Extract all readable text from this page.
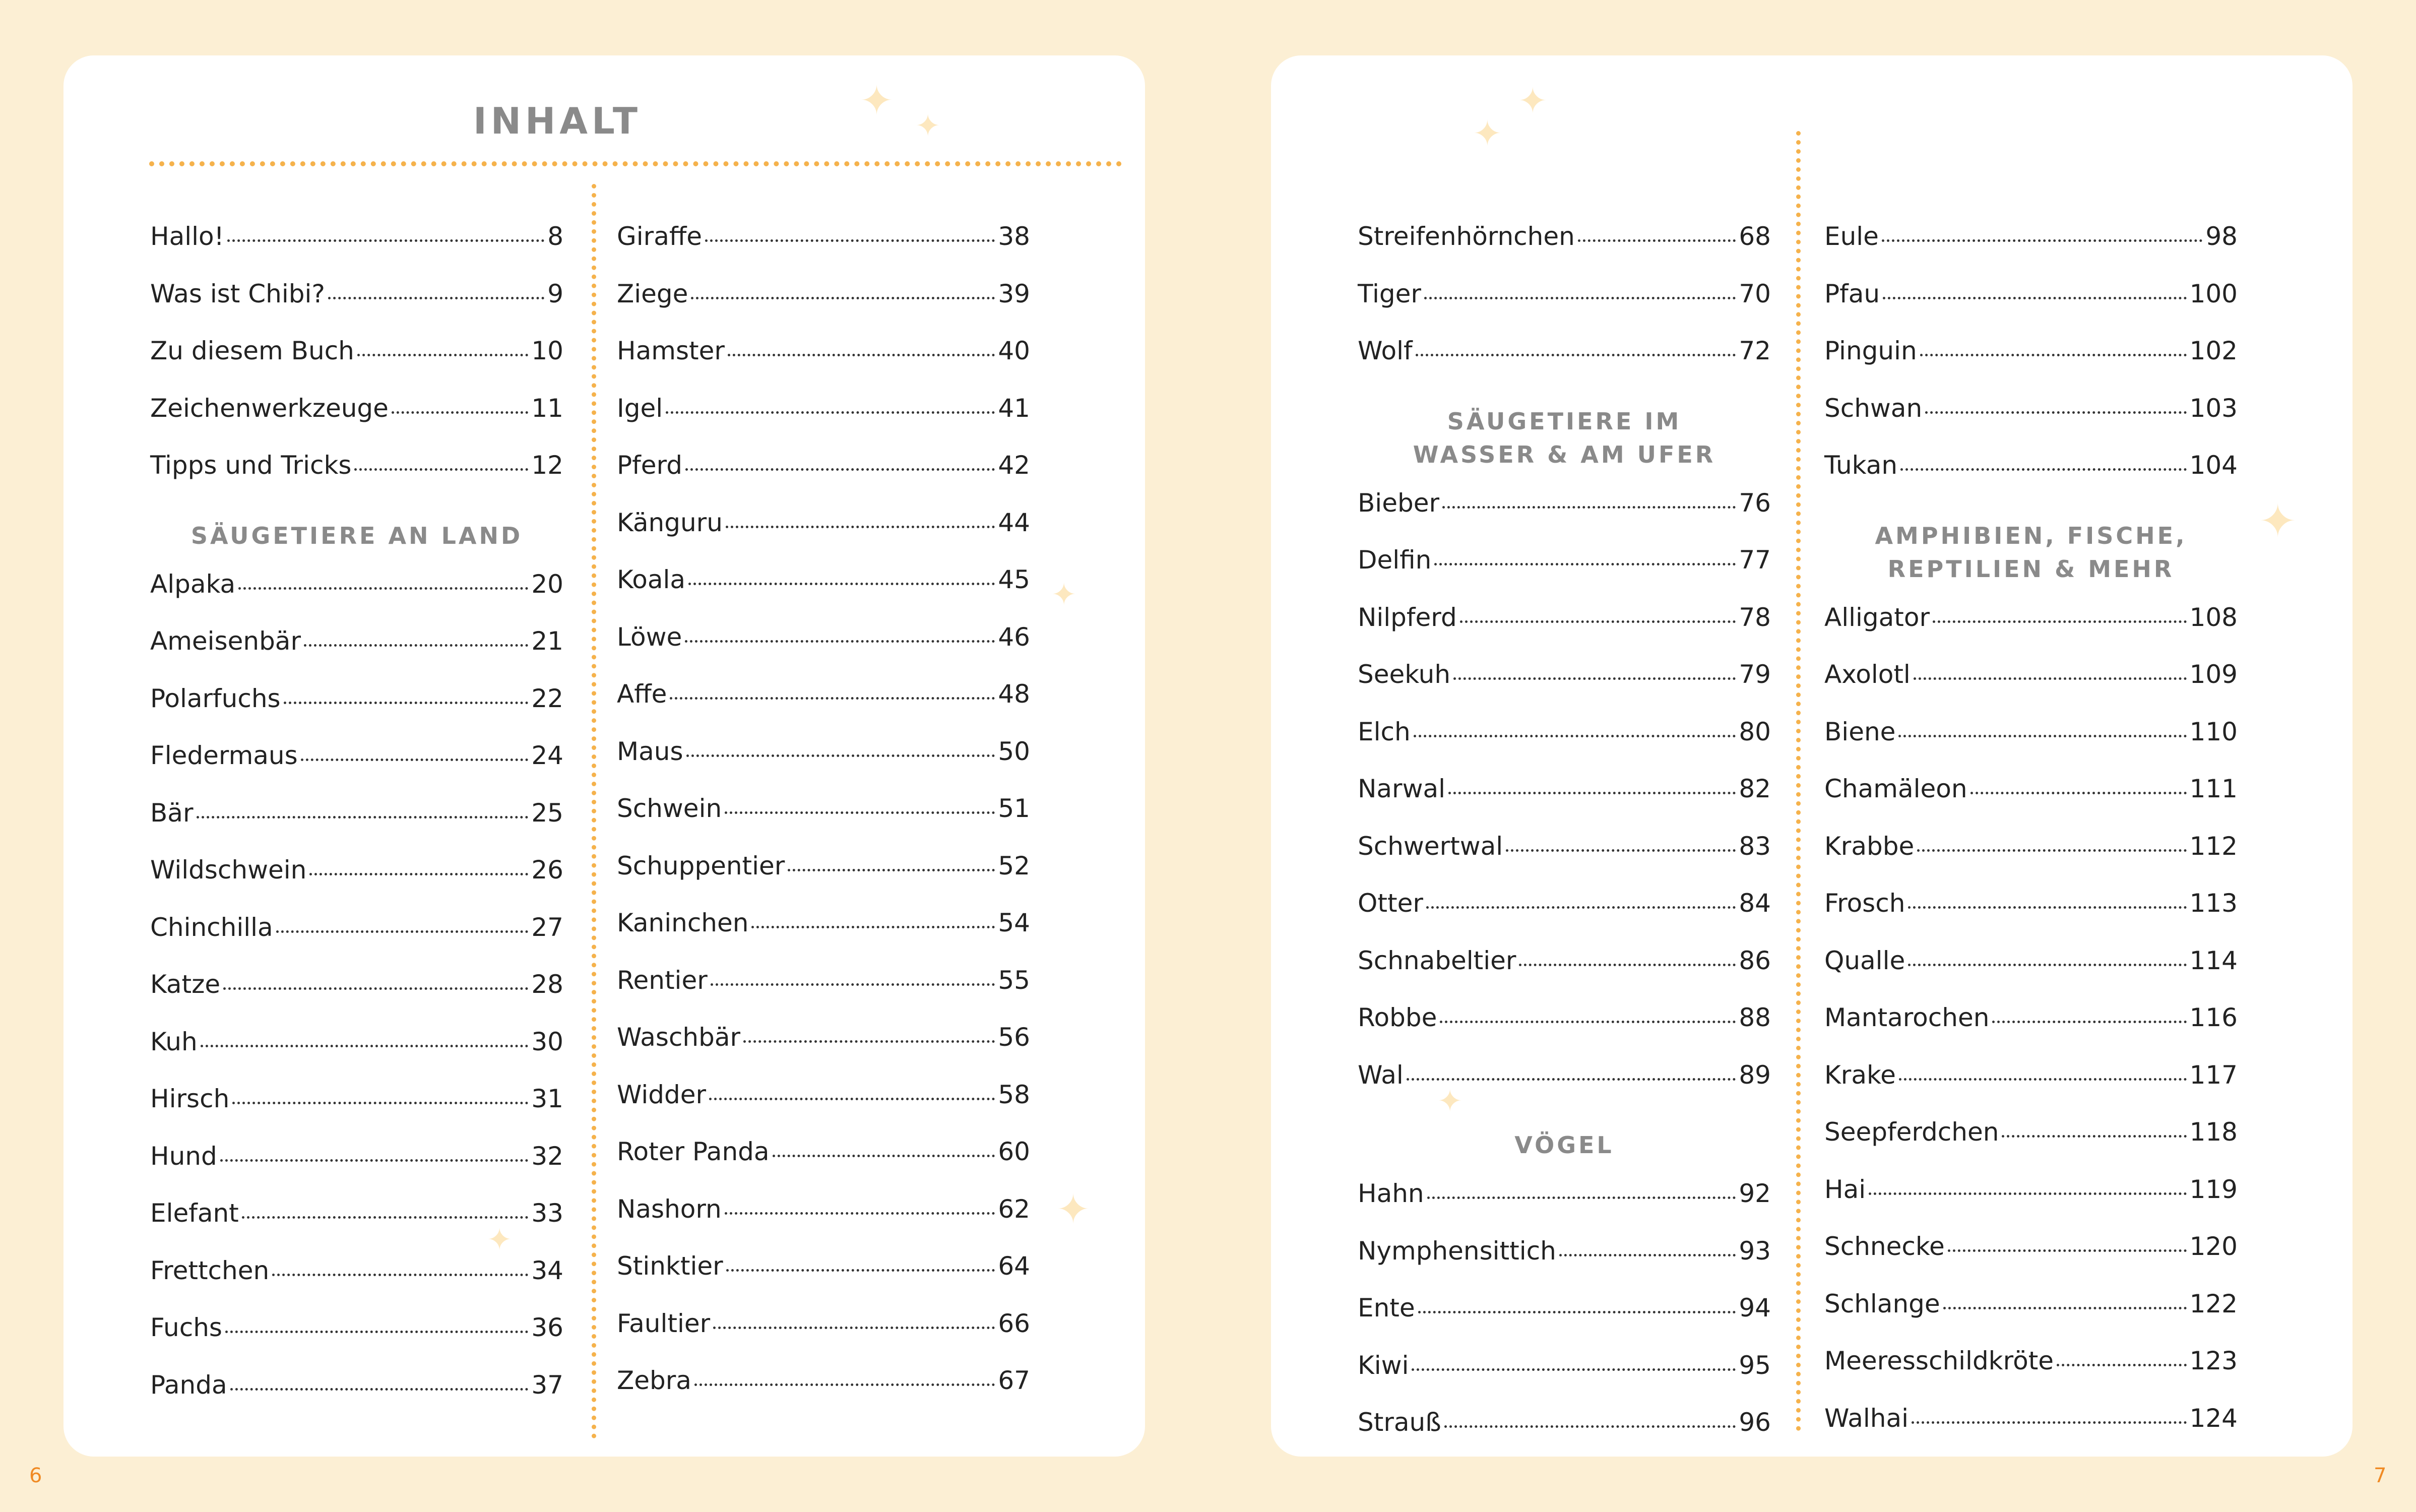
INHALT	✦
✦
✦
✦
✦
Hallo!	8
Was ist Chibi?	9
Zu diesem Buch	10
Zeichenwerkzeuge	11
Tipps und Tricks	12
SÄUGETIERE AN LAND
Alpaka	20
Ameisenbär	21
Polarfuchs	22
Fledermaus	24
Bär	25
Wildschwein	26
Chinchilla	27
Katze	28
Kuh	30
Hirsch	31
Hund	32
Elefant	33
Frettchen	34
Fuchs	36
Panda	37
Giraffe	38
Ziege	39
Hamster	40
Igel	41
Pferd	42
Känguru	44
Koala	45
Löwe	46
Affe	48
Maus	50
Schwein	51
Schuppentier	52
Kaninchen	54
Rentier	55
Waschbär	56
Widder	58
Roter Panda	60
Nashorn	62
Stinktier	64
Faultier	66
Zebra	67
6
✦
✦
✦
✦
Streifenhörnchen	68
Tiger	70
Wolf	72
SÄUGETIERE IM
WASSER & AM UFER
Bieber	76
Delfin	77
Nilpferd	78
Seekuh	79
Elch	80
Narwal	82
Schwertwal	83
Otter	84
Schnabeltier	86
Robbe	88
Wal	89
VÖGEL
Hahn	92
Nymphensittich	93
Ente	94
Kiwi	95
Strauß	96
Eule	98
Pfau	100
Pinguin	102
Schwan	103
Tukan	104
AMPHIBIEN, FISCHE,
REPTILIEN & MEHR
Alligator	108
Axolotl	109
Biene	110
Chamäleon	111
Krabbe	112
Frosch	113
Qualle	114
Mantarochen	116
Krake	117
Seepferdchen	118
Hai	119
Schnecke	120
Schlange	122
Meeresschildkröte	123
Walhai	124
7
